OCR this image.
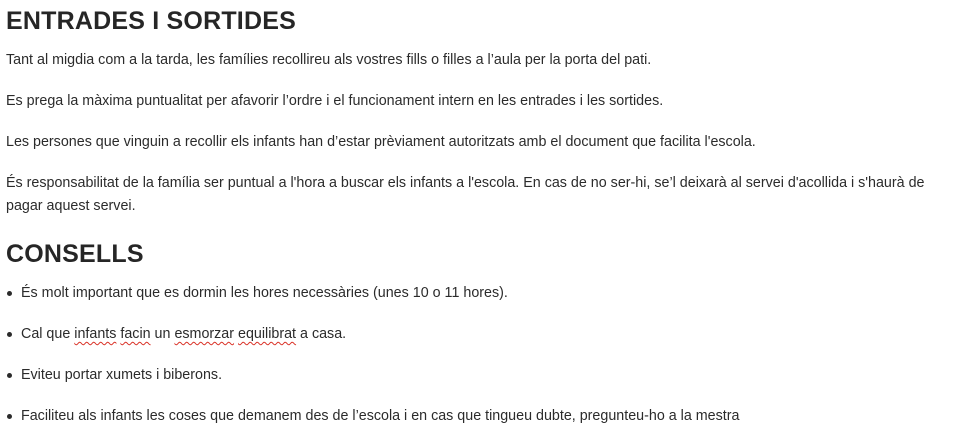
ENTRADES I SORTIDES

Tant al migdia com a la tarda, les famílies recollireu als vostres fills o filles a l’aula per la porta del pati.

Es prega la màxima puntualitat per afavorir l’ordre i el funcionament intern en les entrades i les sortides.

Les persones que vinguin a recollir els infants han d’estar prèviament autoritzats amb el document que facilita l'escola.

És responsabilitat de la família ser puntual a l'hora a buscar els infants a l'escola. En cas de no ser-hi, se’l deixarà al servei d'acollida i s'haurà de pagar aquest servei.

CONSELLS
És molt important que es dormin les hores necessàries (unes 10 o 11 hores).
Cal que infants facin un esmorzar equilibrat a casa.
Eviteu portar xumets i biberons.
Faciliteu als infants les coses que demanem des de l’escola i en cas que tingueu dubte, pregunteu-ho a la mestra
